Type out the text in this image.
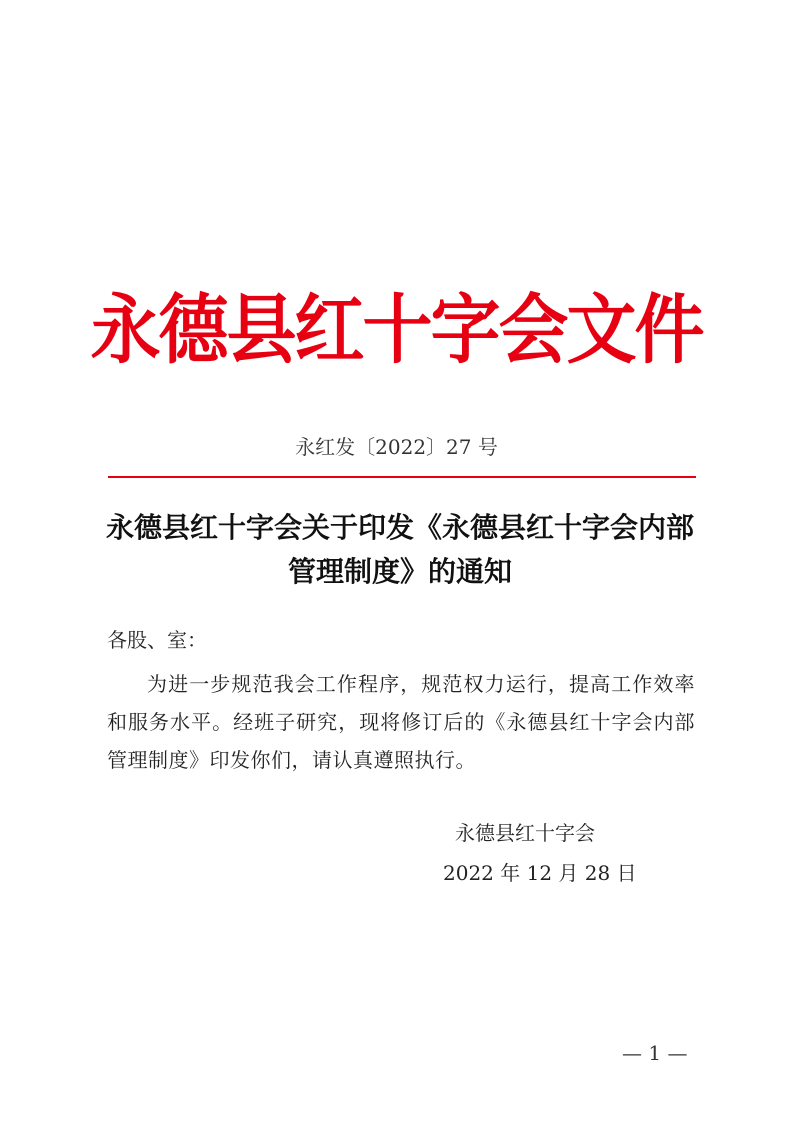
永德县红十字会文件
永红发〔2022〕27 号
永德县红十字会关于印发《永德县红十字会内部管理制度》的通知
各股、室：
为进一步规范我会工作程序，规范权力运行，提高工作效率和服务水平。经班子研究，现将修订后的《永德县红十字会内部管理制度》印发你们，请认真遵照执行。
永德县红十字会
2022 年 12 月 28 日
— 1 —
